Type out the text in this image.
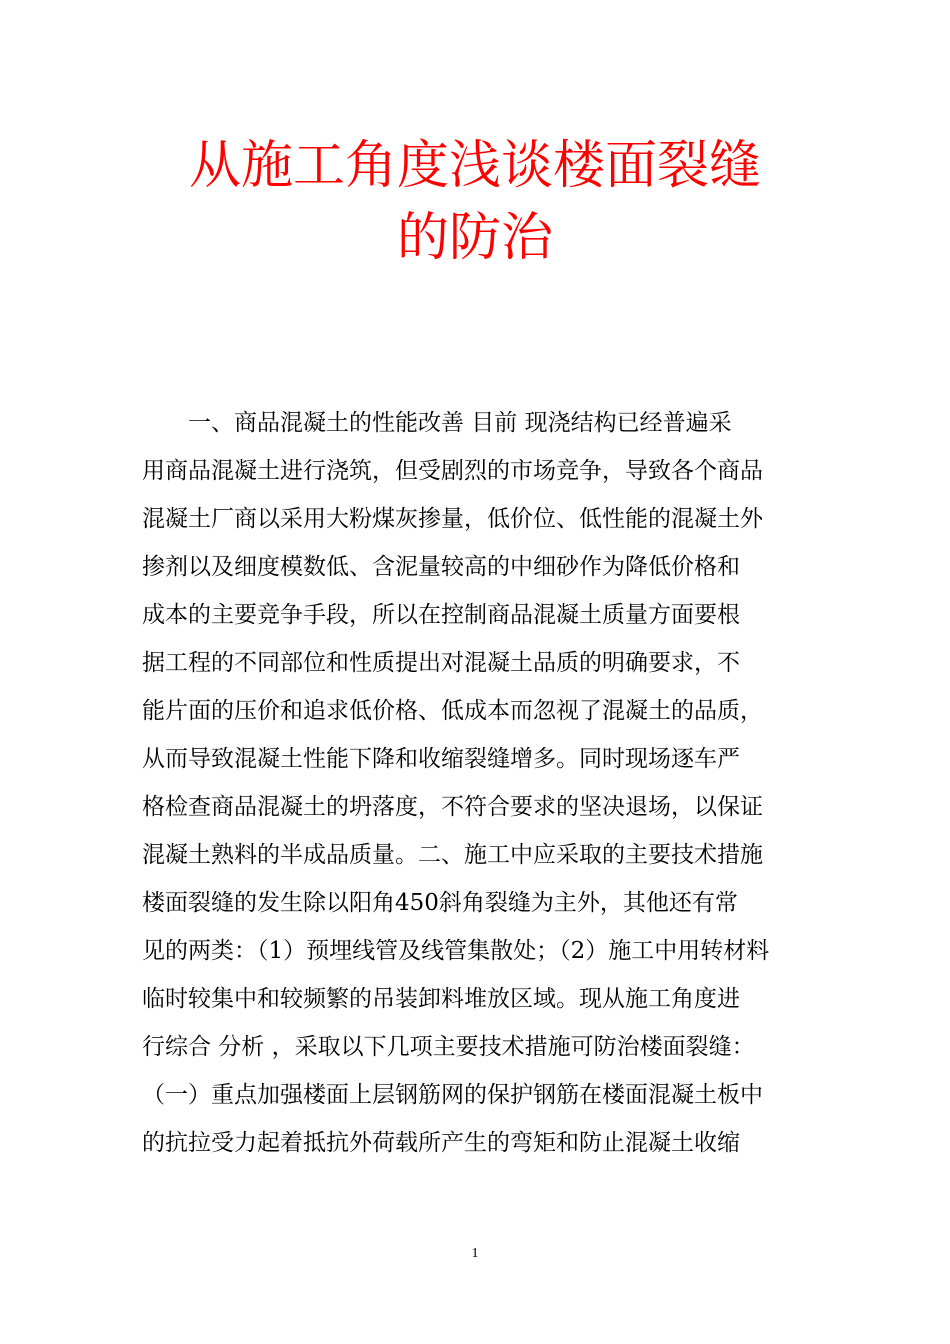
从施工角度浅谈楼面裂缝
的防治

　　一、商品混凝土的性能改善 目前 现浇结构已经普遍采

用商品混凝土进行浇筑，但受剧烈的市场竞争，导致各个商品

混凝土厂商以采用大粉煤灰掺量，低价位、低性能的混凝土外

掺剂以及细度模数低、含泥量较高的中细砂作为降低价格和

成本的主要竞争手段，所以在控制商品混凝土质量方面要根

据工程的不同部位和性质提出对混凝土品质的明确要求，不

能片面的压价和追求低价格、低成本而忽视了混凝土的品质，

从而导致混凝土性能下降和收缩裂缝增多。同时现场逐车严

格检查商品混凝土的坍落度，不符合要求的坚决退场，以保证

混凝土熟料的半成品质量。二、施工中应采取的主要技术措施

楼面裂缝的发生除以阳角450斜角裂缝为主外，其他还有常

见的两类：（1）预埋线管及线管集散处；（2）施工中用转材料

临时较集中和较频繁的吊装卸料堆放区域。现从施工角度进

行综合 分析 ，采取以下几项主要技术措施可防治楼面裂缝：

（一）重点加强楼面上层钢筋网的保护钢筋在楼面混凝土板中

的抗拉受力起着抵抗外荷载所产生的弯矩和防止混凝土收缩

1
